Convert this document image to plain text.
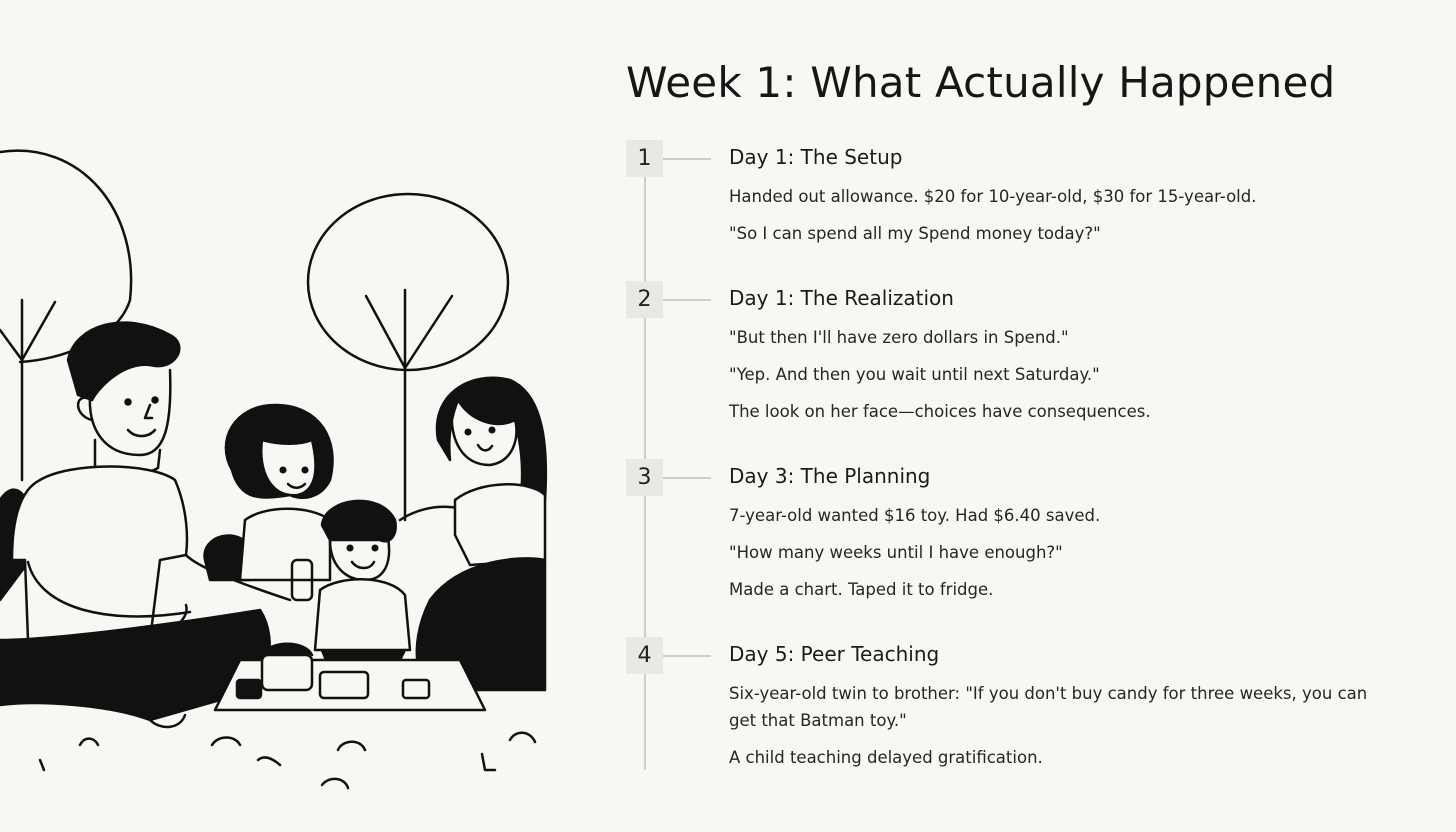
Week 1: What Actually Happened
1	Day 1: The Setup
Handed out allowance. $20 for 10-year-old, $30 for 15-year-old.
"So I can spend all my Spend money today?"
2	Day 1: The Realization
"But then I'll have zero dollars in Spend."
"Yep. And then you wait until next Saturday."
The look on her face—choices have consequences.
3	Day 3: The Planning
7-year-old wanted $16 toy. Had $6.40 saved.
"How many weeks until I have enough?"
Made a chart. Taped it to fridge.
4	Day 5: Peer Teaching
Six-year-old twin to brother: "If you don't buy candy for three weeks, you can get that Batman toy."
A child teaching delayed gratification.
